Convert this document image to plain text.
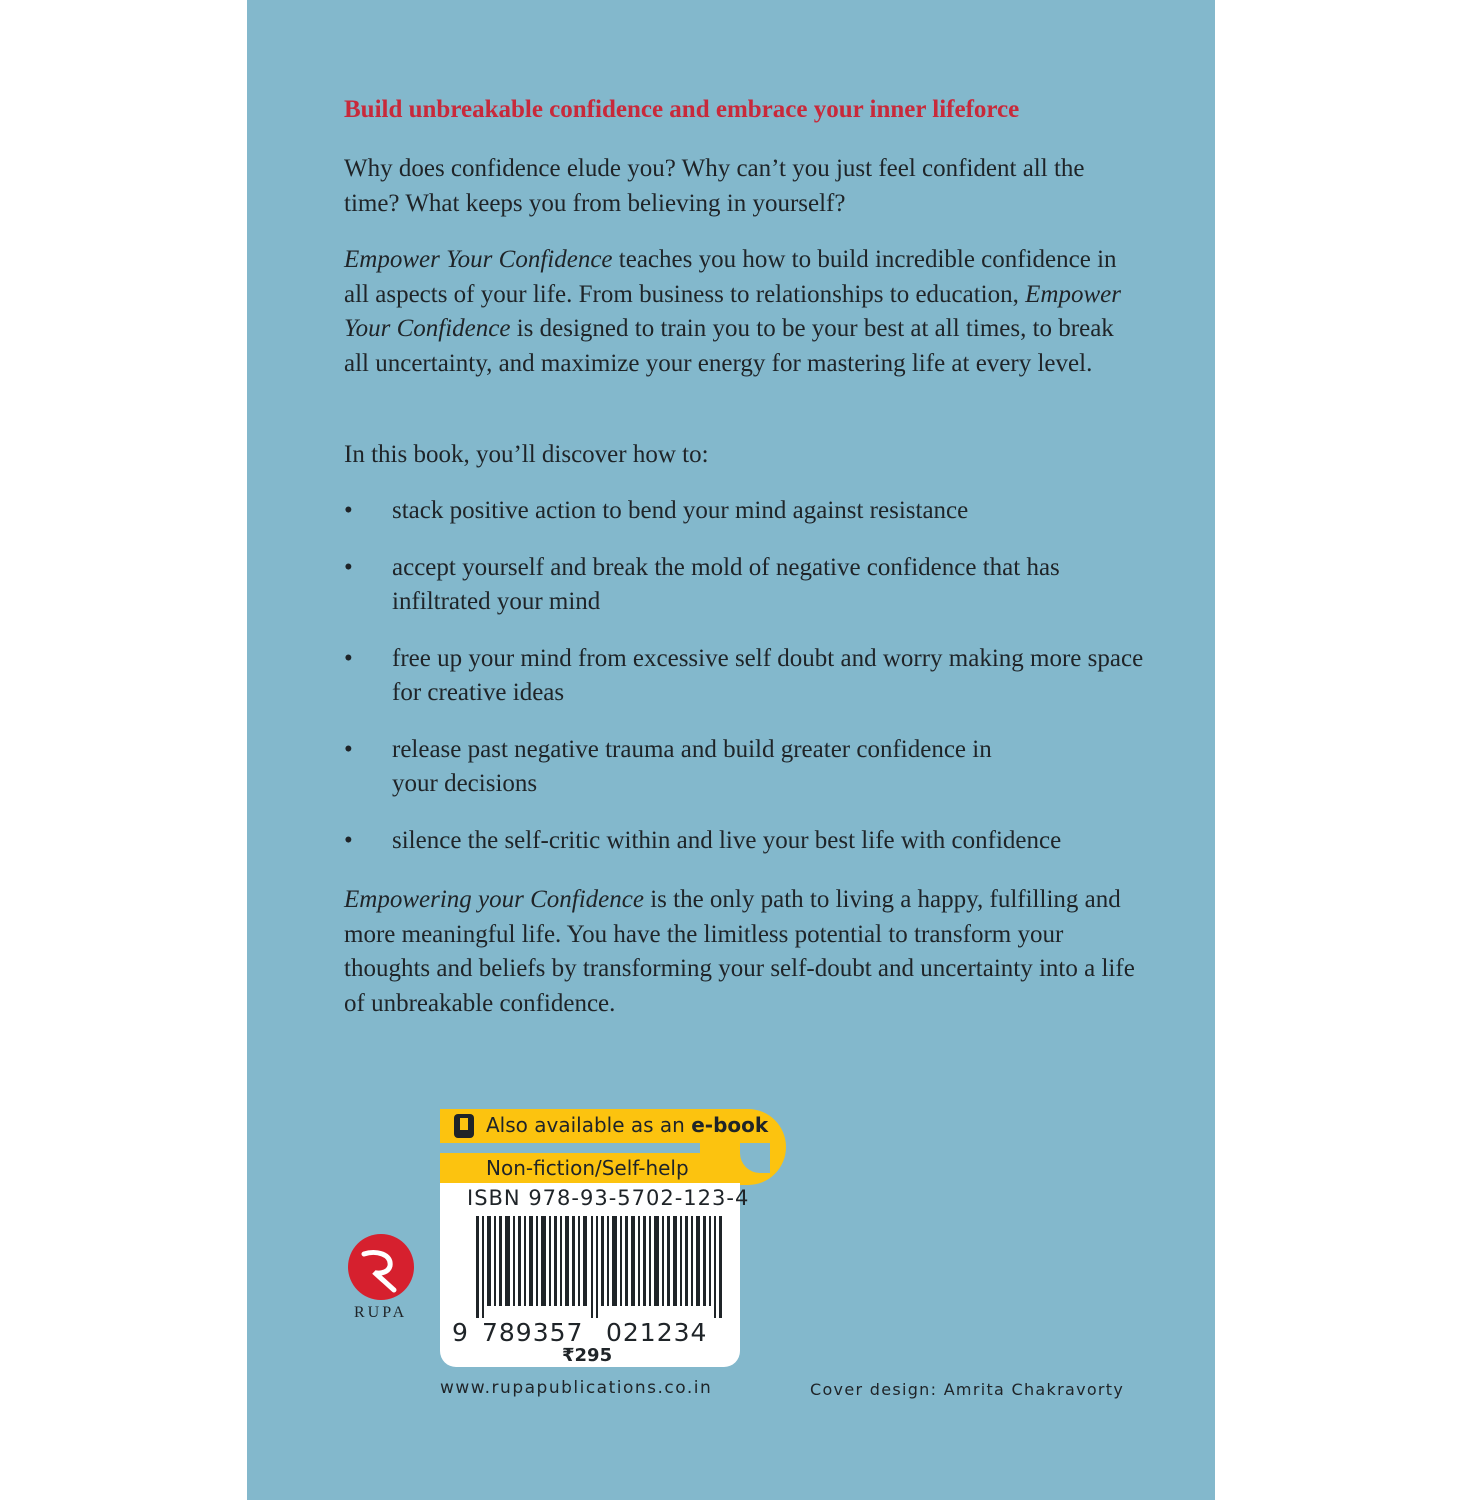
Build unbreakable confidence and embrace your inner lifeforce

Why does confidence elude you? Why can’t you just feel confident all the time? What keeps you from believing in yourself?

Empower Your Confidence teaches you how to build incredible confidence in all aspects of your life. From business to relationships to education, Empower Your Confidence is designed to train you to be your best at all times, to break all uncertainty, and maximize your energy for mastering life at every level.

In this book, you’ll discover how to:

• stack positive action to bend your mind against resistance
• accept yourself and break the mold of negative confidence that has infiltrated your mind
• free up your mind from excessive self doubt and worry making more space for creative ideas
• release past negative trauma and build greater confidence in your decisions
• silence the self-critic within and live your best life with confidence

Empowering your Confidence is the only path to living a happy, fulfilling and more meaningful life. You have the limitless potential to transform your thoughts and beliefs by transforming your self-doubt and uncertainty into a life of unbreakable confidence.

Also available as an e-book
Non-fiction/Self-help
ISBN 978-93-5702-123-4
9 789357 021234
₹295
RUPA
www.rupapublications.co.in	Cover design: Amrita Chakravorty
